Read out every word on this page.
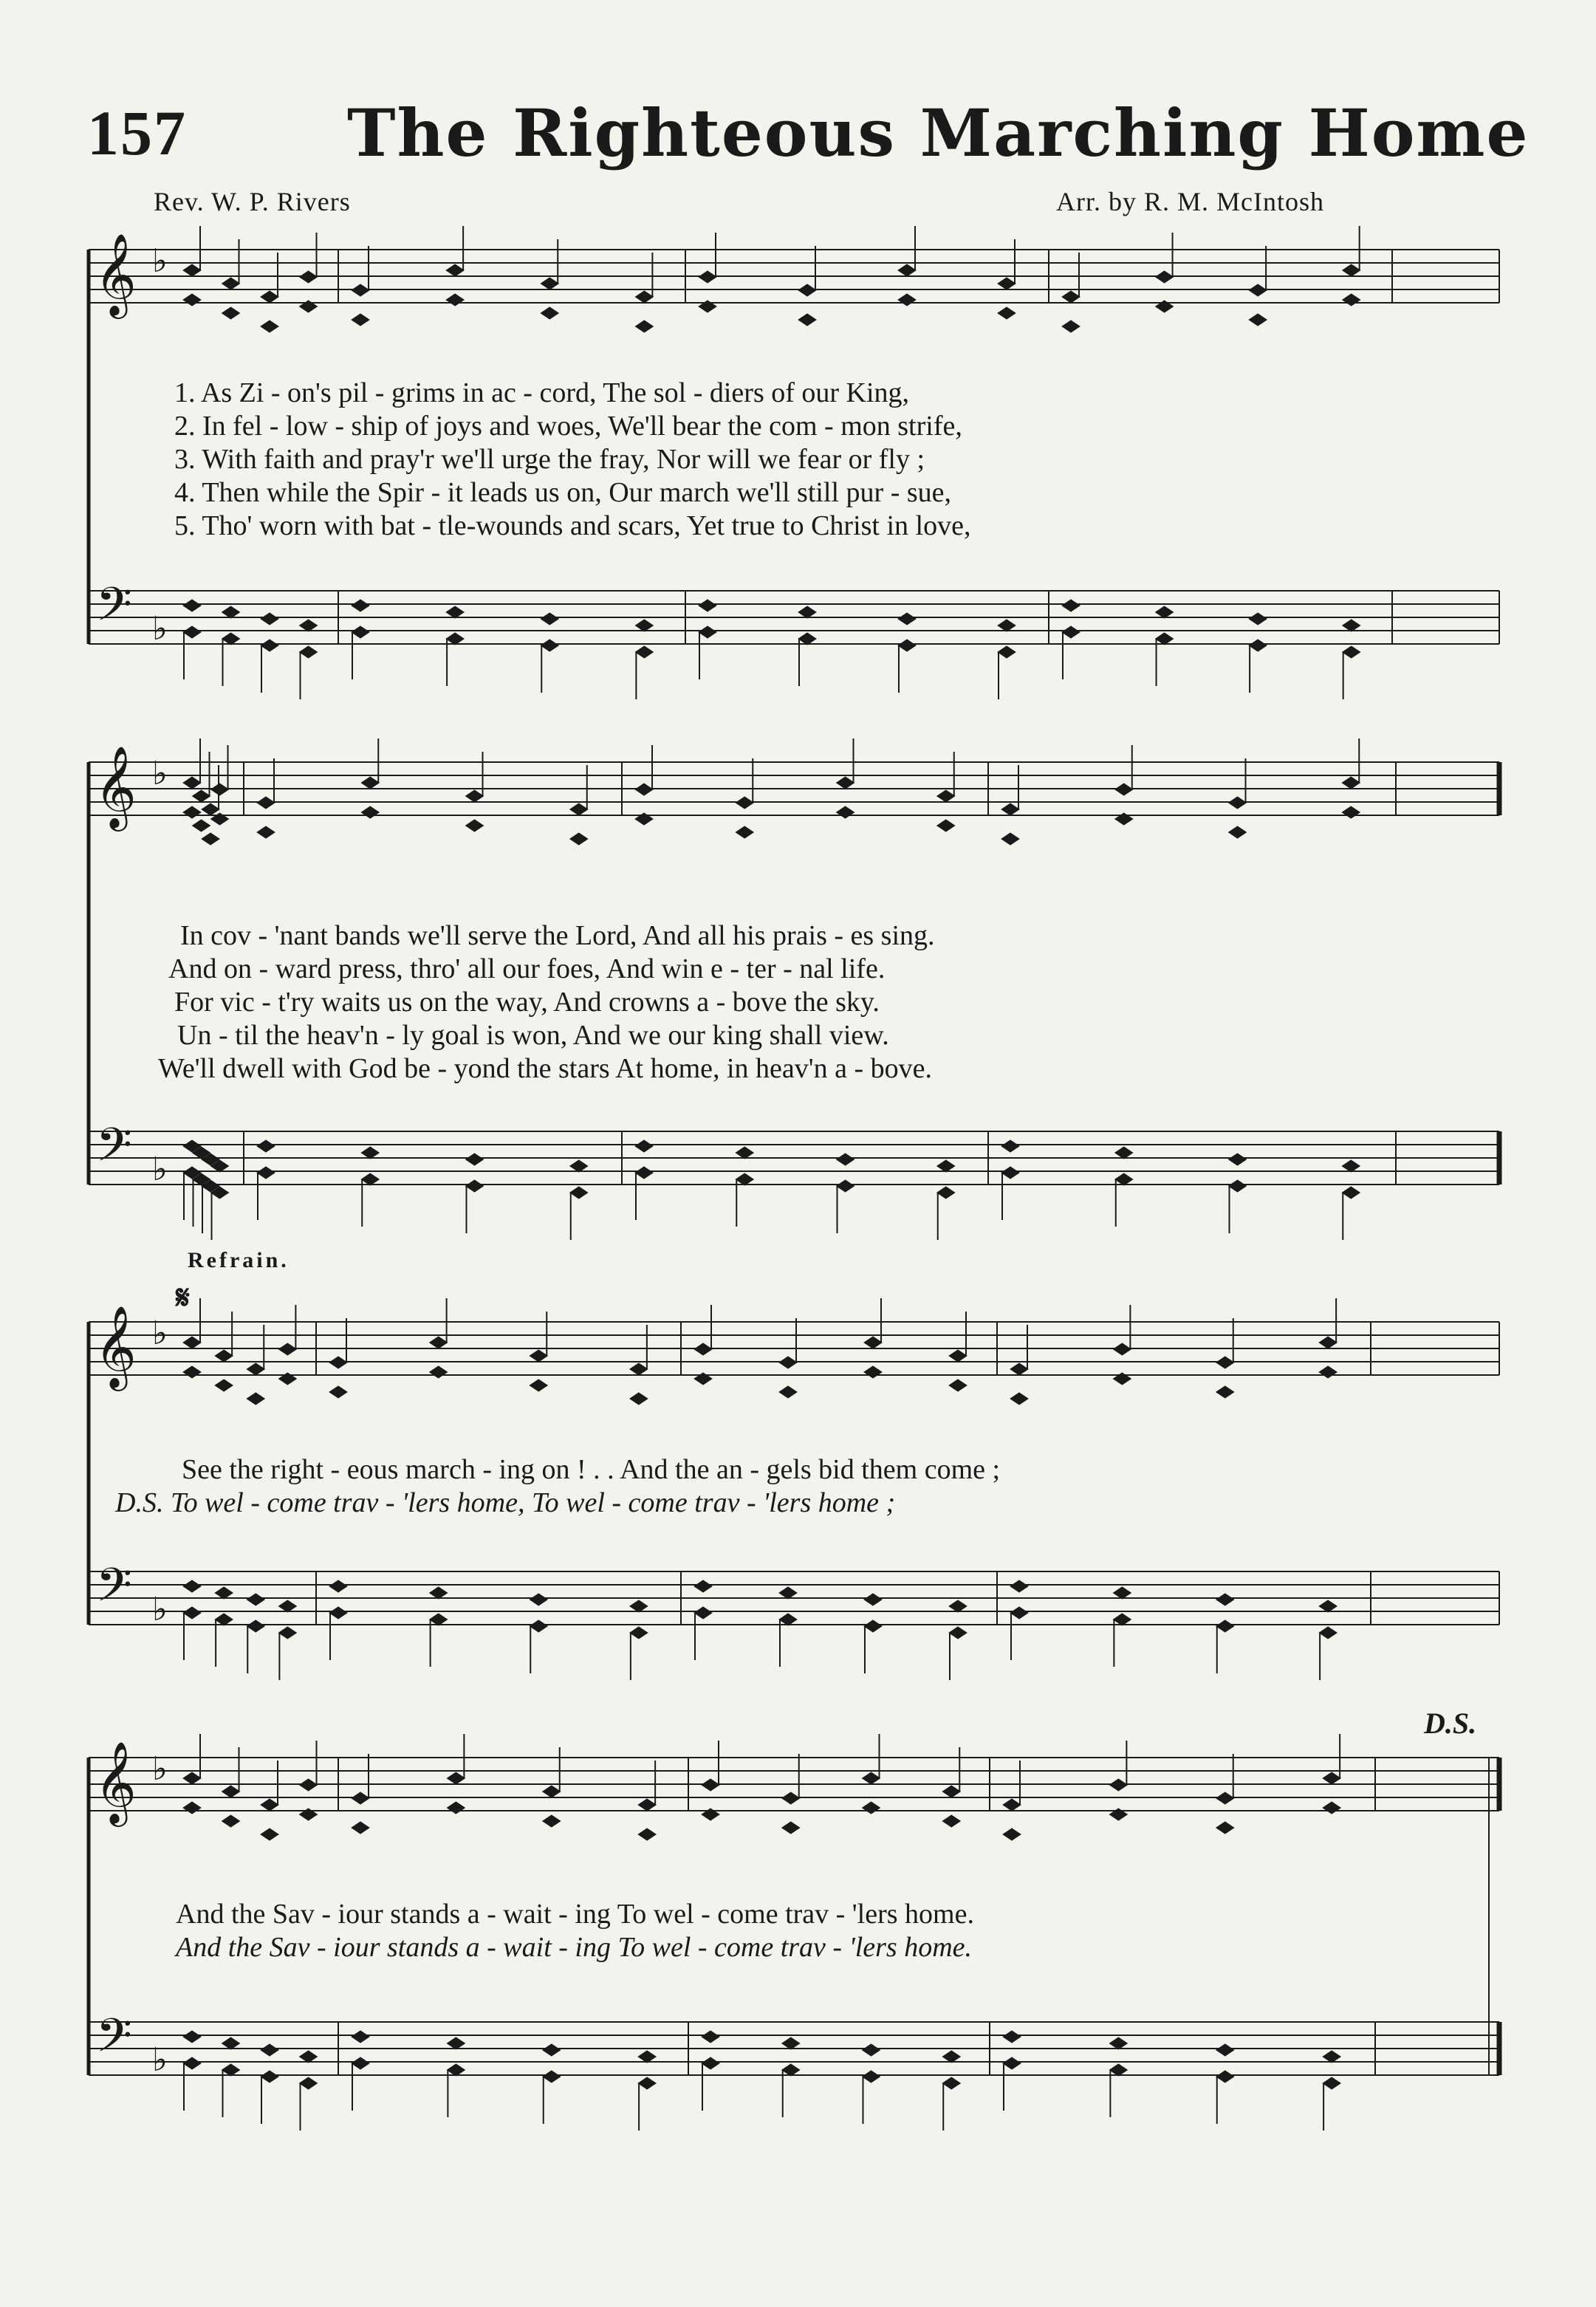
157 The Righteous Marching Home
Rev. W. P. Rivers	Arr. by R. M. McIntosh
𝄞
𝄢
♭
♭
𝄞
𝄢
♭
♭
𝄞
𝄢
♭
♭
𝄞
𝄢
♭
♭
Refrain.
𝄋
D.S.
1. As Zi - on's pil - grims in ac - cord, The sol - diers of our King,
2. In fel - low - ship of joys and woes, We'll bear the com - mon strife,
3. With faith and pray'r we'll urge the fray, Nor will we fear or fly ;
4. Then while the Spir - it leads us on, Our march we'll still pur - sue,
5. Tho' worn with bat - tle-wounds and scars, Yet true to Christ in love,
In cov - 'nant bands we'll serve the Lord, And all his prais - es sing.
And on - ward press, thro' all our foes, And win e - ter - nal life.
For vic - t'ry waits us on the way, And crowns a - bove the sky.
Un - til the heav'n - ly goal is won, And we our king shall view.
We'll dwell with God be - yond the stars At home, in heav'n a - bove.
See the right - eous march - ing on ! . . And the an - gels bid them come ;
D.S. To wel - come trav - 'lers home, To wel - come trav - 'lers home ;
And the Sav - iour stands a - wait - ing To wel - come trav - 'lers home.
And the Sav - iour stands a - wait - ing To wel - come trav - 'lers home.
